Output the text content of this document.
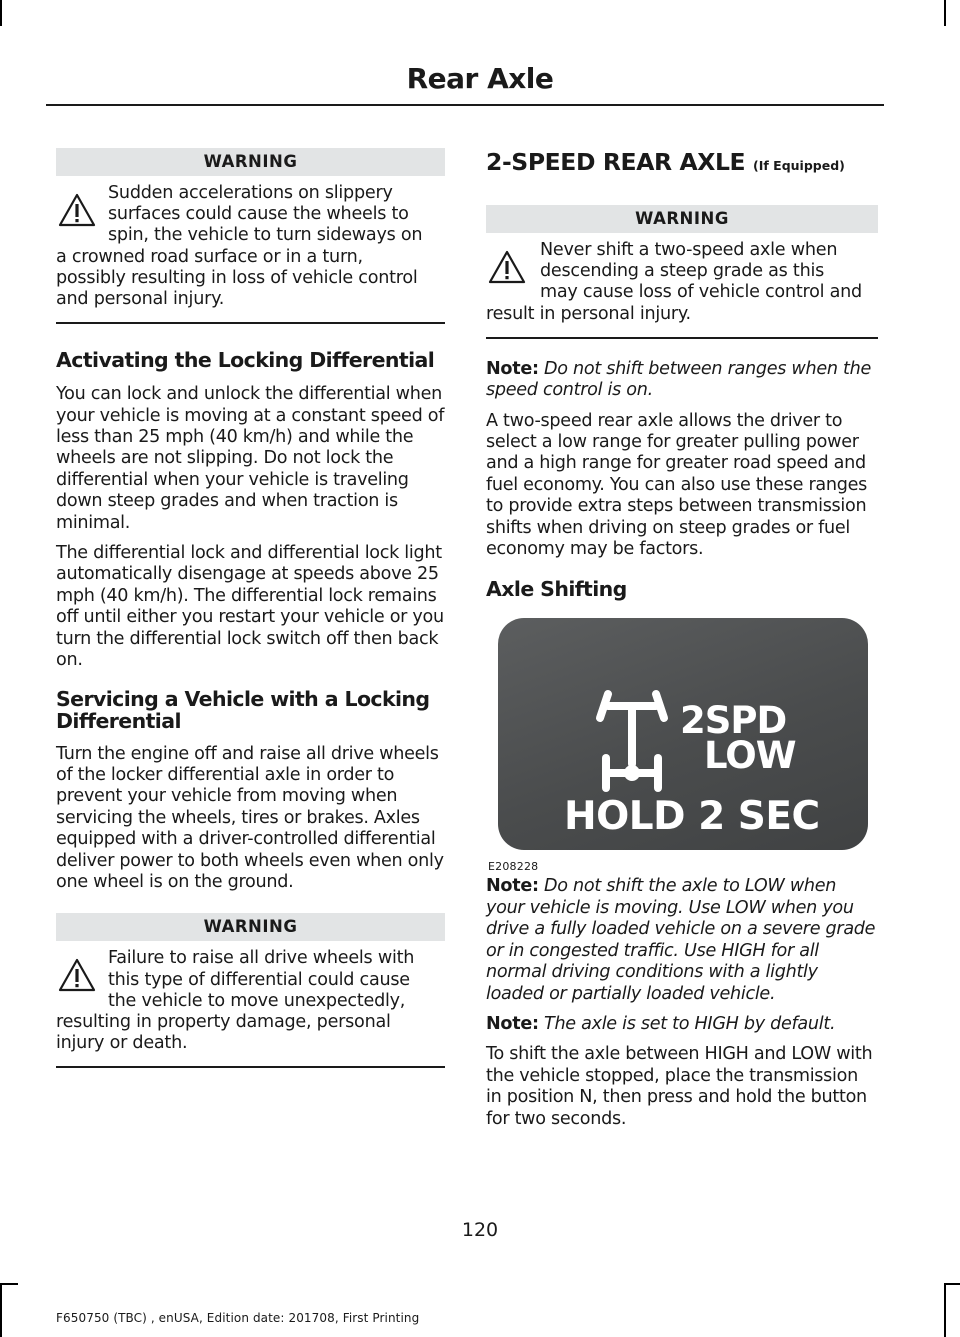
Rear Axle
WARNING
Sudden accelerations on slippery
surfaces could cause the wheels to
spin, the vehicle to turn sideways on
a crowned road surface or in a turn,
possibly resulting in loss of vehicle control
and personal injury.
Activating the Locking Differential

You can lock and unlock the differential when your vehicle is moving at a constant speed of less than 25 mph (40 km/h) and while the wheels are not slipping. Do not lock the differential when your vehicle is traveling down steep grades and when traction is minimal.

The differential lock and differential lock light automatically disengage at speeds above 25 mph (40 km/h). The differential lock remains off until either you restart your vehicle or you turn the differential lock switch off then back on.

Servicing a Vehicle with a Locking
Differential

Turn the engine off and raise all drive wheels of the locker differential axle in order to prevent your vehicle from moving when servicing the wheels, tires or brakes. Axles equipped with a driver-controlled differential deliver power to both wheels even when only one wheel is on the ground.

WARNING
Failure to raise all drive wheels with
this type of differential could cause
the vehicle to move unexpectedly,
resulting in property damage, personal
injury or death.
2-SPEED REAR AXLE (If Equipped)
WARNING
Never shift a two-speed axle when
descending a steep grade as this
may cause loss of vehicle control and
result in personal injury.

Note: Do not shift between ranges when the speed control is on.

A two-speed rear axle allows the driver to select a low range for greater pulling power and a high range for greater road speed and fuel economy. You can also use these ranges to provide extra steps between transmission shifts when driving on steep grades or fuel economy may be factors.

Axle Shifting
2SPD
LOW
HOLD 2 SEC
E208228

Note: Do not shift the axle to LOW when your vehicle is moving. Use LOW when you drive a fully loaded vehicle on a severe grade or in congested traffic. Use HIGH for all normal driving conditions with a lightly loaded or partially loaded vehicle.

Note: The axle is set to HIGH by default.

To shift the axle between HIGH and LOW with the vehicle stopped, place the transmission in position N, then press and hold the button for two seconds.

120
F650750 (TBC) , enUSA, Edition date: 201708, First Printing
